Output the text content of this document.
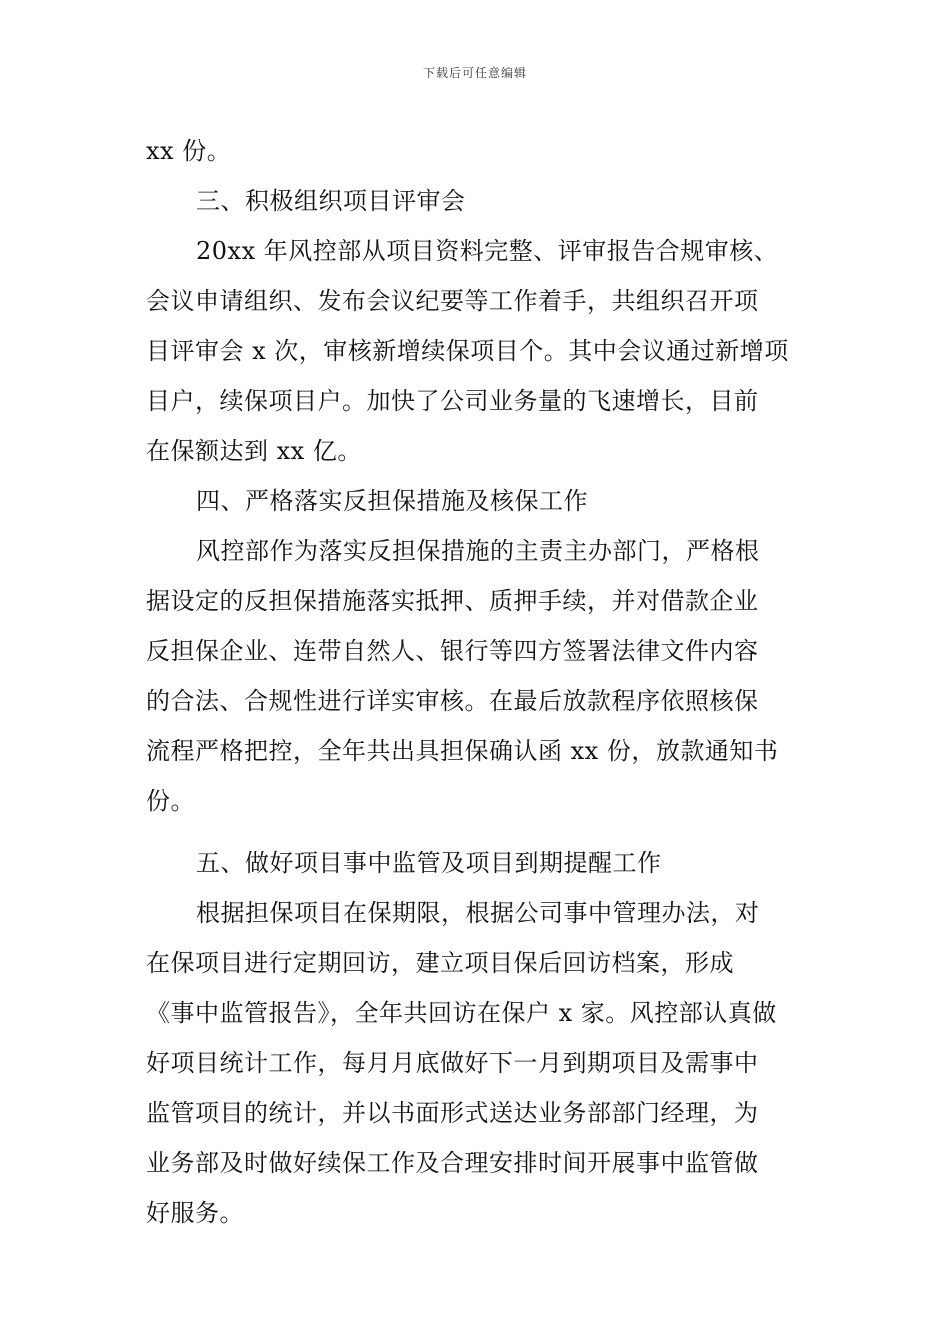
下载后可任意编辑
xx 份。
三、积极组织项目评审会
20xx 年风控部从项目资料完整、评审报告合规审核、
会议申请组织、发布会议纪要等工作着手，共组织召开项
目评审会 x 次，审核新增续保项目个。其中会议通过新增项
目户，续保项目户。加快了公司业务量的飞速增长，目前
在保额达到 xx 亿。
四、严格落实反担保措施及核保工作
风控部作为落实反担保措施的主责主办部门，严格根
据设定的反担保措施落实抵押、质押手续，并对借款企业
反担保企业、连带自然人、银行等四方签署法律文件内容
的合法、合规性进行详实审核。在最后放款程序依照核保
流程严格把控，全年共出具担保确认函 xx 份，放款通知书
份。
五、做好项目事中监管及项目到期提醒工作
根据担保项目在保期限，根据公司事中管理办法，对
在保项目进行定期回访，建立项目保后回访档案，形成
《事中监管报告》，全年共回访在保户 x 家。风控部认真做
好项目统计工作，每月月底做好下一月到期项目及需事中
监管项目的统计，并以书面形式送达业务部部门经理，为
业务部及时做好续保工作及合理安排时间开展事中监管做
好服务。
